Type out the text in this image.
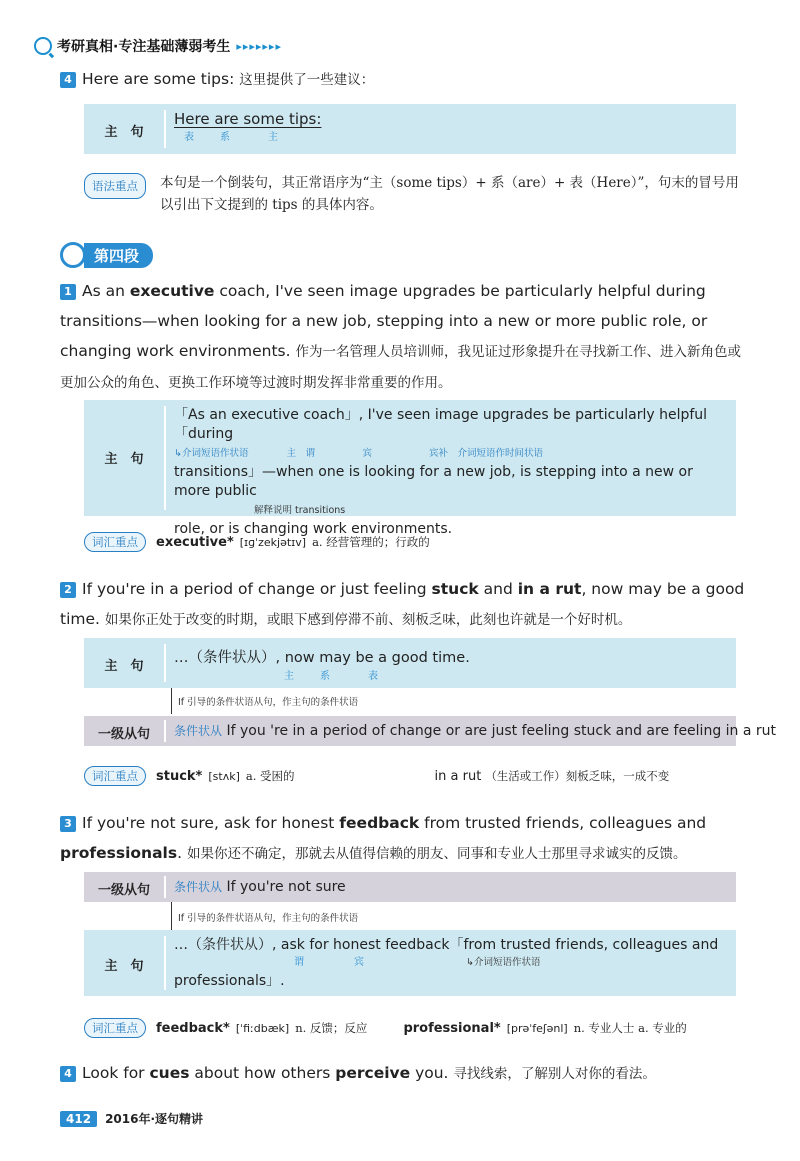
考研真相·专注基础薄弱考生 ▸▸▸▸▸▸▸
4 Here are some tips: 这里提供了一些建议：
主　句
Here are some tips:
表　　系　　　主
语法重点	本句是一个倒装句，其正常语序为“主（some tips）+ 系（are）+ 表（Here）”，句末的冒号用以引出下文提到的 tips 的具体内容。
第四段
1 As an executive coach, I've seen image upgrades be particularly helpful during transitions—when looking for a new job, stepping into a new or more public role, or changing work environments. 作为一名管理人员培训师，我见证过形象提升在寻找新工作、进入新角色或更加公众的角色、更换工作环境等过渡时期发挥非常重要的作用。
主　句
「As an executive coach」, I've seen image upgrades be particularly helpful「during
↳介词短语作状语　　　　主　谓　　　　　宾　　　　　　宾补　介词短语作时间状语
transitions」—when one is looking for a new job, is stepping into a new or more public
解释说明 transitions
role, or is changing work environments.
词汇重点	executive* [ɪɡˈzekjətɪv] a. 经营管理的；行政的
2 If you're in a period of change or just feeling stuck and in a rut, now may be a good time. 如果你正处于改变的时期，或眼下感到停滞不前、刻板乏味，此刻也许就是一个好时机。
主　句
…（条件状从）, now may be a good time.
主　　系　　　表
If 引导的条件状语从句，作主句的条件状语
一级从句	条件状从 If you 're in a period of change or are just feeling stuck and are feeling in a rut
词汇重点	stuck* [stʌk] a. 受困的	in a rut （生活或工作）刻板乏味，一成不变
3 If you're not sure, ask for honest feedback from trusted friends, colleagues and professionals. 如果你还不确定，那就去从值得信赖的朋友、同事和专业人士那里寻求诚实的反馈。
一级从句	条件状从 If you're not sure
If 引导的条件状语从句，作主句的条件状语
主　句
…（条件状从）, ask for honest feedback「from trusted friends, colleagues and
谓　　　　宾	↳介词短语作状语
professionals」.
词汇重点	feedback* [ˈfiːdbæk] n. 反馈；反应	professional* [prəˈfeʃənl] n. 专业人士 a. 专业的
4 Look for cues about how others perceive you. 寻找线索，了解别人对你的看法。
412	2016年·逐句精讲
